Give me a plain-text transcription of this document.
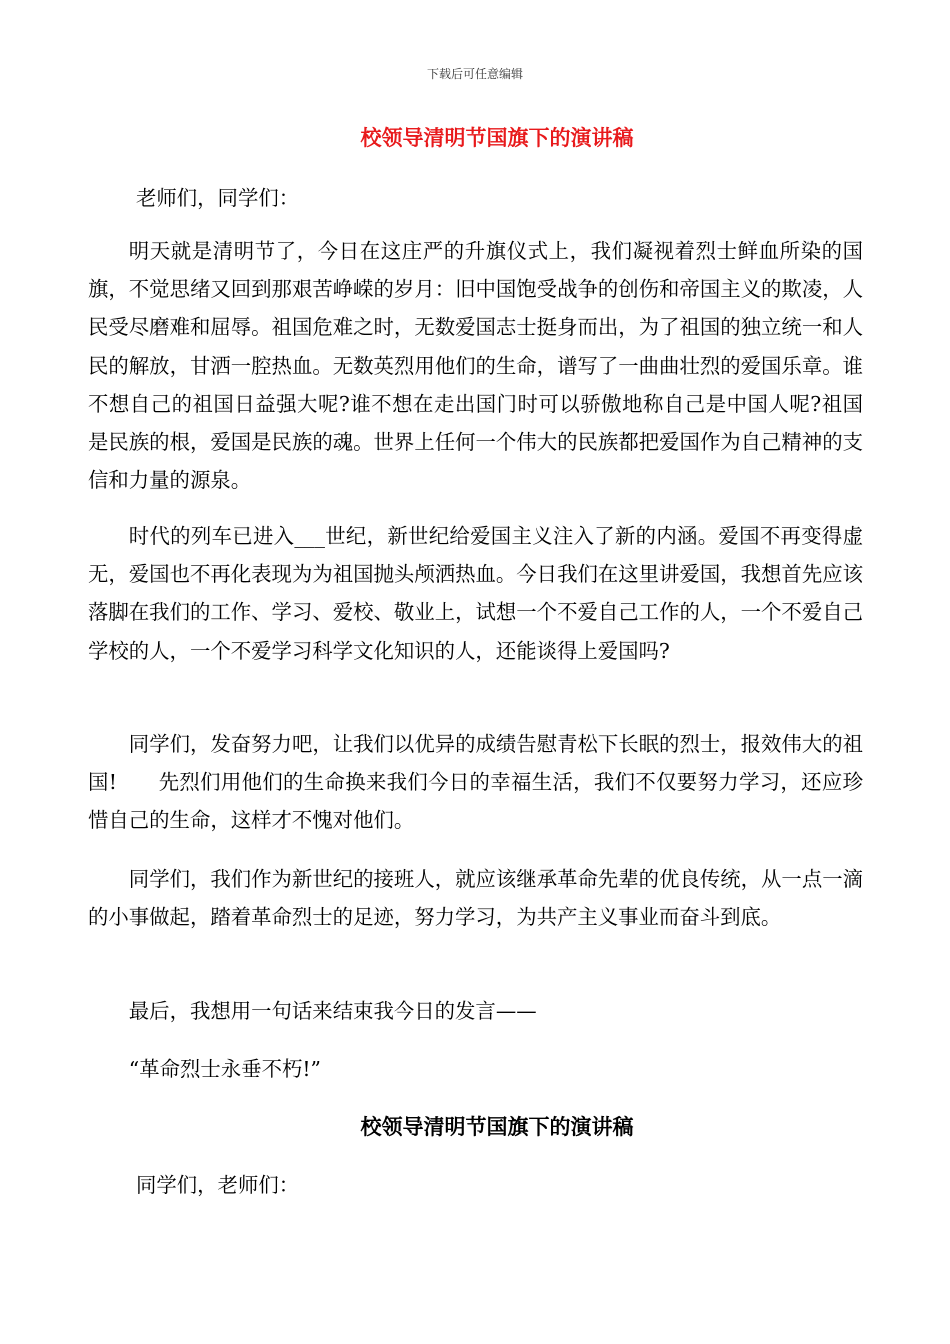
下载后可任意编辑
校领导清明节国旗下的演讲稿

老师们，同学们：

明天就是清明节了，今日在这庄严的升旗仪式上，我们凝视着烈士鲜血所染的国旗，不觉思绪又回到那艰苦峥嵘的岁月：旧中国饱受战争的创伤和帝国主义的欺凌，人民受尽磨难和屈辱。祖国危难之时，无数爱国志士挺身而出，为了祖国的独立统一和人民的解放，甘洒一腔热血。无数英烈用他们的生命，谱写了一曲曲壮烈的爱国乐章。谁不想自己的祖国日益强大呢?谁不想在走出国门时可以骄傲地称自己是中国人呢?祖国是民族的根，爱国是民族的魂。世界上任何一个伟大的民族都把爱国作为自己精神的支信和力量的源泉。

时代的列车已进入___世纪，新世纪给爱国主义注入了新的内涵。爱国不再变得虚无，爱国也不再化表现为为祖国抛头颅洒热血。今日我们在这里讲爱国，我想首先应该落脚在我们的工作、学习、爱校、敬业上，试想一个不爱自己工作的人，一个不爱自己学校的人，一个不爱学习科学文化知识的人，还能谈得上爱国吗?

同学们，发奋努力吧，让我们以优异的成绩告慰青松下长眠的烈士，报效伟大的祖国!　　先烈们用他们的生命换来我们今日的幸福生活，我们不仅要努力学习，还应珍惜自己的生命，这样才不愧对他们。

同学们，我们作为新世纪的接班人，就应该继承革命先辈的优良传统，从一点一滴的小事做起，踏着革命烈士的足迹，努力学习，为共产主义事业而奋斗到底。

最后，我想用一句话来结束我今日的发言——

“革命烈士永垂不朽!”

校领导清明节国旗下的演讲稿

同学们，老师们：
